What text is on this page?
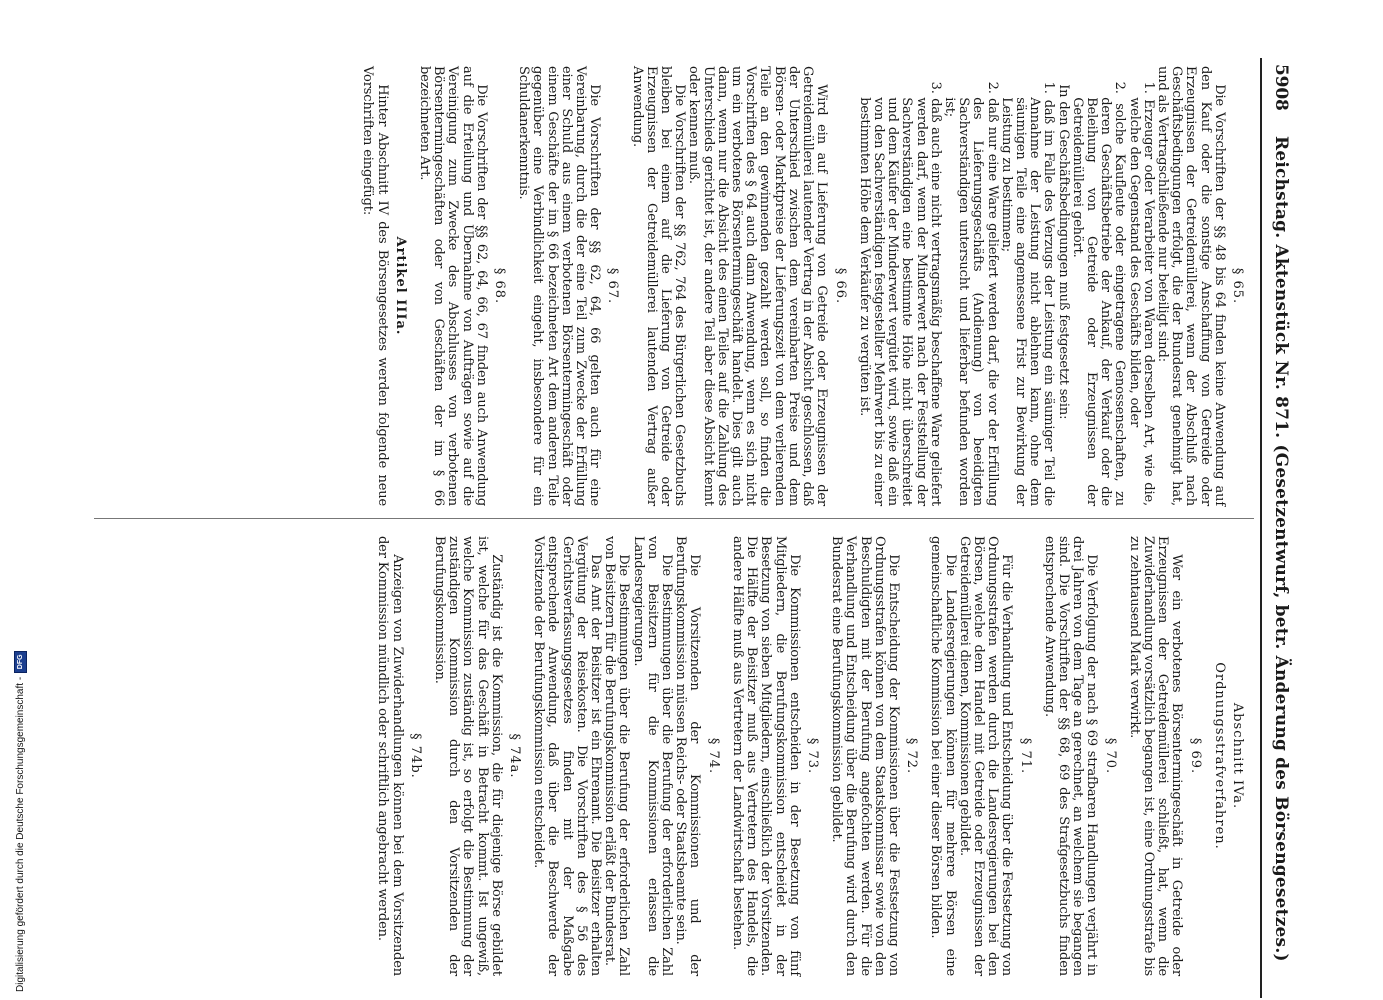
5908
Reichstag. Aktenstück Nr. 871. (Gesetzentwurf, betr. Änderung des Börsengesetzes.)
§ 65.

Die Vorschriften der §§ 48 bis 64 finden keine Anwendung auf den Kauf oder die sonstige Anschaffung von Getreide oder Erzeugnissen der Getreidemüllerei, wenn der Abschluß nach Geschäftsbedingungen erfolgt, die der Bundesrat genehmigt hat, und als Vertragschließende nur beteiligt sind:

1. Erzeuger oder Verarbeiter von Waren derselben Art, wie die, welche den Gegenstand des Geschäfts bilden, oder

2. solche Kaufleute oder eingetragene Genossenschaften, zu deren Geschäftsbetriebe der Ankauf, der Verkauf oder die Beleihung von Getreide oder Erzeugnissen der Getreidemüllerei gehört.

In den Geschäftsbedingungen muß festgesetzt sein:

1. daß im Falle des Verzugs der Leistung ein säumiger Teil die Annahme der Leistung nicht ablehnen kann, ohne dem säumigen Teile eine angemessene Frist zur Bewirkung der Leistung zu bestimmen;

2. daß nur eine Ware geliefert werden darf, die vor der Erfüllung des Lieferungsgeschäfts (Andienung) von beeidigten Sachverständigen untersucht und lieferbar befunden worden ist;

3. daß auch eine nicht vertragsmäßig beschaffene Ware geliefert werden darf, wenn der Minderwert nach der Feststellung der Sachverständigen eine bestimmte Höhe nicht überschreitet und dem Käufer der Minderwert vergütet wird, sowie daß ein von den Sachverständigen festgestellter Mehrwert bis zu einer bestimmten Höhe dem Verkäufer zu vergüten ist.

§ 66.

Wird ein auf Lieferung von Getreide oder Erzeugnissen der Getreidemüllerei lautender Vertrag in der Absicht geschlossen, daß der Unterschied zwischen dem vereinbarten Preise und dem Börsen- oder Marktpreise der Lieferungszeit von dem verlierenden Teile an den gewinnenden gezahlt werden soll, so finden die Vorschriften des § 64 auch dann Anwendung, wenn es sich nicht um ein verbotenes Börsentermingeschäft handelt. Dies gilt auch dann, wenn nur die Absicht des einen Teiles auf die Zahlung des Unterschieds gerichtet ist, der andere Teil aber diese Absicht kennt oder kennen muß.

Die Vorschriften der §§ 762, 764 des Bürgerlichen Gesetzbuchs bleiben bei einem auf die Lieferung von Getreide oder Erzeugnissen der Getreidemüllerei lautenden Vertrag außer Anwendung.

§ 67.

Die Vorschriften der §§ 62, 64, 66 gelten auch für eine Vereinbarung, durch die der eine Teil zum Zwecke der Erfüllung einer Schuld aus einem verbotenen Börsentermingeschäft oder einem Geschäfte der im § 66 bezeichneten Art dem anderen Teile gegenüber eine Verbindlichkeit eingeht, insbesondere für ein Schuldanerkenntnis.

§ 68.

Die Vorschriften der §§ 62, 64, 66, 67 finden auch Anwendung auf die Erteilung und Übernahme von Aufträgen sowie auf die Vereinigung zum Zwecke des Abschlusses von verbotenen Börsentermingeschäften oder von Geschäften der im § 66 bezeichneten Art.

Artikel IIIa.

Hinter Abschnitt IV des Börsengesetzes werden folgende neue Vorschriften eingefügt:

Abschnitt IVa.
Ordnungsstrafverfahren.
§ 69.

Wer ein verbotenes Börsentermingeschäft in Getreide oder Erzeugnissen der Getreidemüllerei schließt, hat, wenn die Zuwiderhandlung vorsätzlich begangen ist, eine Ordnungsstrafe bis zu zehntausend Mark verwirkt.

§ 70.

Die Verfolgung der nach § 69 strafbaren Handlungen verjährt in drei Jahren von dem Tage an gerechnet, an welchem sie begangen sind. Die Vorschriften der §§ 68, 69 des Strafgesetzbuchs finden entsprechende Anwendung.

§ 71.

Für die Verhandlung und Entscheidung über die Festsetzung von Ordnungsstrafen werden durch die Landesregierungen bei den Börsen, welche dem Handel mit Getreide oder Erzeugnissen der Getreidemüllerei dienen, Kommissionen gebildet.

Die Landesregierungen können für mehrere Börsen eine gemeinschaftliche Kommission bei einer dieser Börsen bilden.

§ 72.

Die Entscheidung der Kommissionen über die Festsetzung von Ordnungsstrafen können von dem Staatskommissar sowie von den Beschuldigten mit der Berufung angefochten werden. Für die Verhandlung und Entscheidung über die Berufung wird durch den Bundesrat eine Berufungskommission gebildet.

§ 73.

Die Kommissionen entscheiden in der Besetzung von fünf Mitgliedern, die Berufungskommission entscheidet in der Besetzung von sieben Mitgliedern, einschließlich der Vorsitzenden. Die Hälfte der Beisitzer muß aus Vertretern des Handels, die andere Hälfte muß aus Vertretern der Landwirtschaft bestehen.

§ 74.

Die Vorsitzenden der Kommissionen und der Berufungskommission müssen Reichs- oder Staatsbeamte sein.

Die Bestimmungen über die Berufung der erforderlichen Zahl von Beisitzern für die Kommissionen erlassen die Landesregierungen.

Die Bestimmungen über die Berufung der erforderlichen Zahl von Beisitzern für die Berufungskommission erläßt der Bundesrat.

Das Amt der Beisitzer ist ein Ehrenamt. Die Beisitzer erhalten Vergütung der Reisekosten. Die Vorschriften des § 56 des Gerichtsverfassungsgesetzes finden mit der Maßgabe entsprechende Anwendung, daß über die Beschwerde der Vorsitzende der Berufungskommission entscheidet.

§ 74a.

Zuständig ist die Kommission, die für diejenige Börse gebildet ist, welche für das Geschäft in Betracht kommt. Ist ungewiß, welche Kommission zuständig ist, so erfolgt die Bestimmung der zuständigen Kommission durch den Vorsitzenden der Berufungskommission.

§ 74b.

Anzeigen von Zuwiderhandlungen können bei dem Vorsitzenden der Kommission mündlich oder schriftlich angebracht werden.

Digitalisierung gefördert durch die Deutsche Forschungsgemeinschaft -
DFG
